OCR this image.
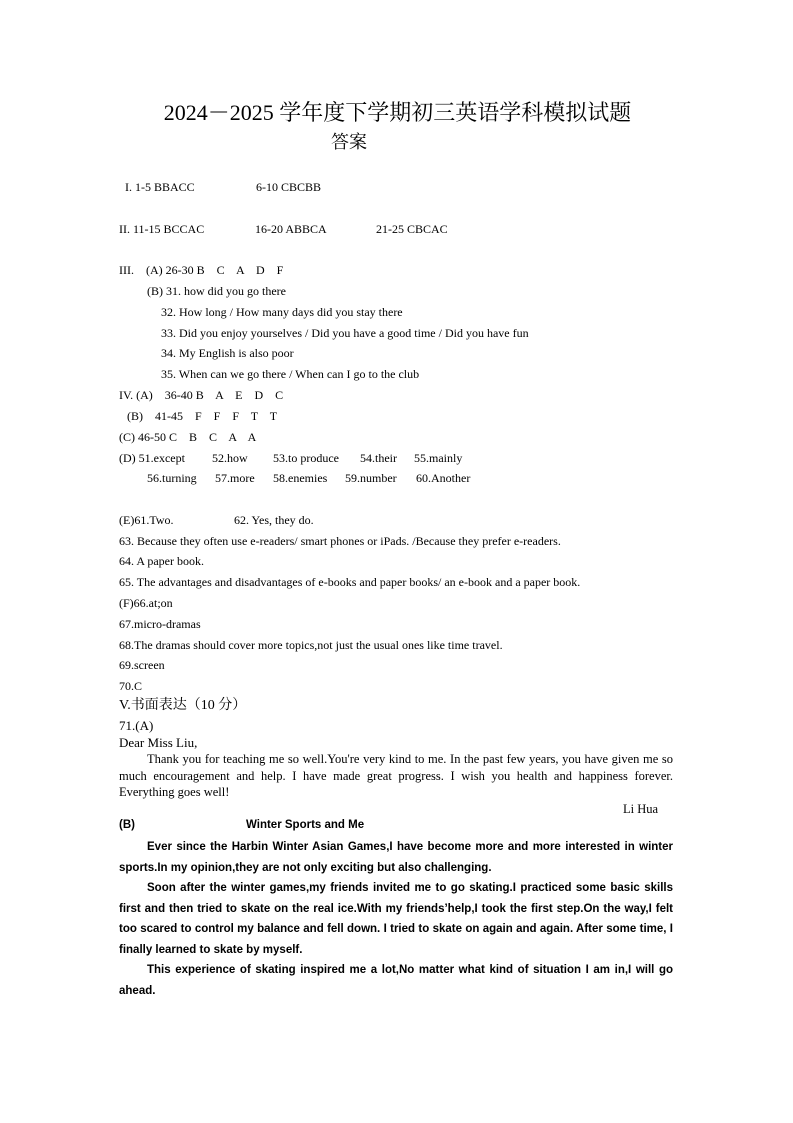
2024－2025 学年度下学期初三英语学科模拟试题
答案
I. 1-5 BBACC	6-10 CBCBB
II. 11-15 BCCAC	16-20 ABBCA	21-25 CBCAC
III.    (A) 26-30 B    C    A    D    F
(B) 31. how did you go there
32. How long / How many days did you stay there
33. Did you enjoy yourselves / Did you have a good time / Did you have fun
34. My English is also poor
35. When can we go there / When can I go to the club
IV. (A)    36-40 B    A    E    D    C
(B)    41-45    F    F    F    T    T
(C) 46-50 C    B    C    A    A
(D) 51.except 52.how 53.to produce 54.their 55.mainly
56.turning 57.more 58.enemies 59.number 60.Another
(E)61.Two.	62. Yes, they do.
63. Because they often use e-readers/ smart phones or iPads. /Because they prefer e-readers.
64. A paper book.
65. The advantages and disadvantages of e-books and paper books/ an e-book and a paper book.
(F)66.at;on
67.micro-dramas
68.The dramas should cover more topics,not just the usual ones like time travel.
69.screen
70.C
V.书面表达（10 分）
71.(A)
Dear Miss Liu,
Thank you for teaching me so well.You're very kind to me. In the past few years, you have given me so much encouragement and help. I have made great progress. I wish you health and happiness forever. Everything goes well!
Li Hua
(B)	Winter Sports and Me
Ever since the Harbin Winter Asian Games,I have become more and more interested in winter sports.In my opinion,they are not only exciting but also challenging.
Soon after the winter games,my friends invited me to go skating.I practiced some basic skills first and then tried to skate on the real ice.With my friends’help,I took the first step.On the way,I felt too scared to control my balance and fell down. I tried to skate on again and again. After some time, I finally learned to skate by myself.
This experience of skating inspired me a lot,No matter what kind of situation I am in,I will go ahead.
